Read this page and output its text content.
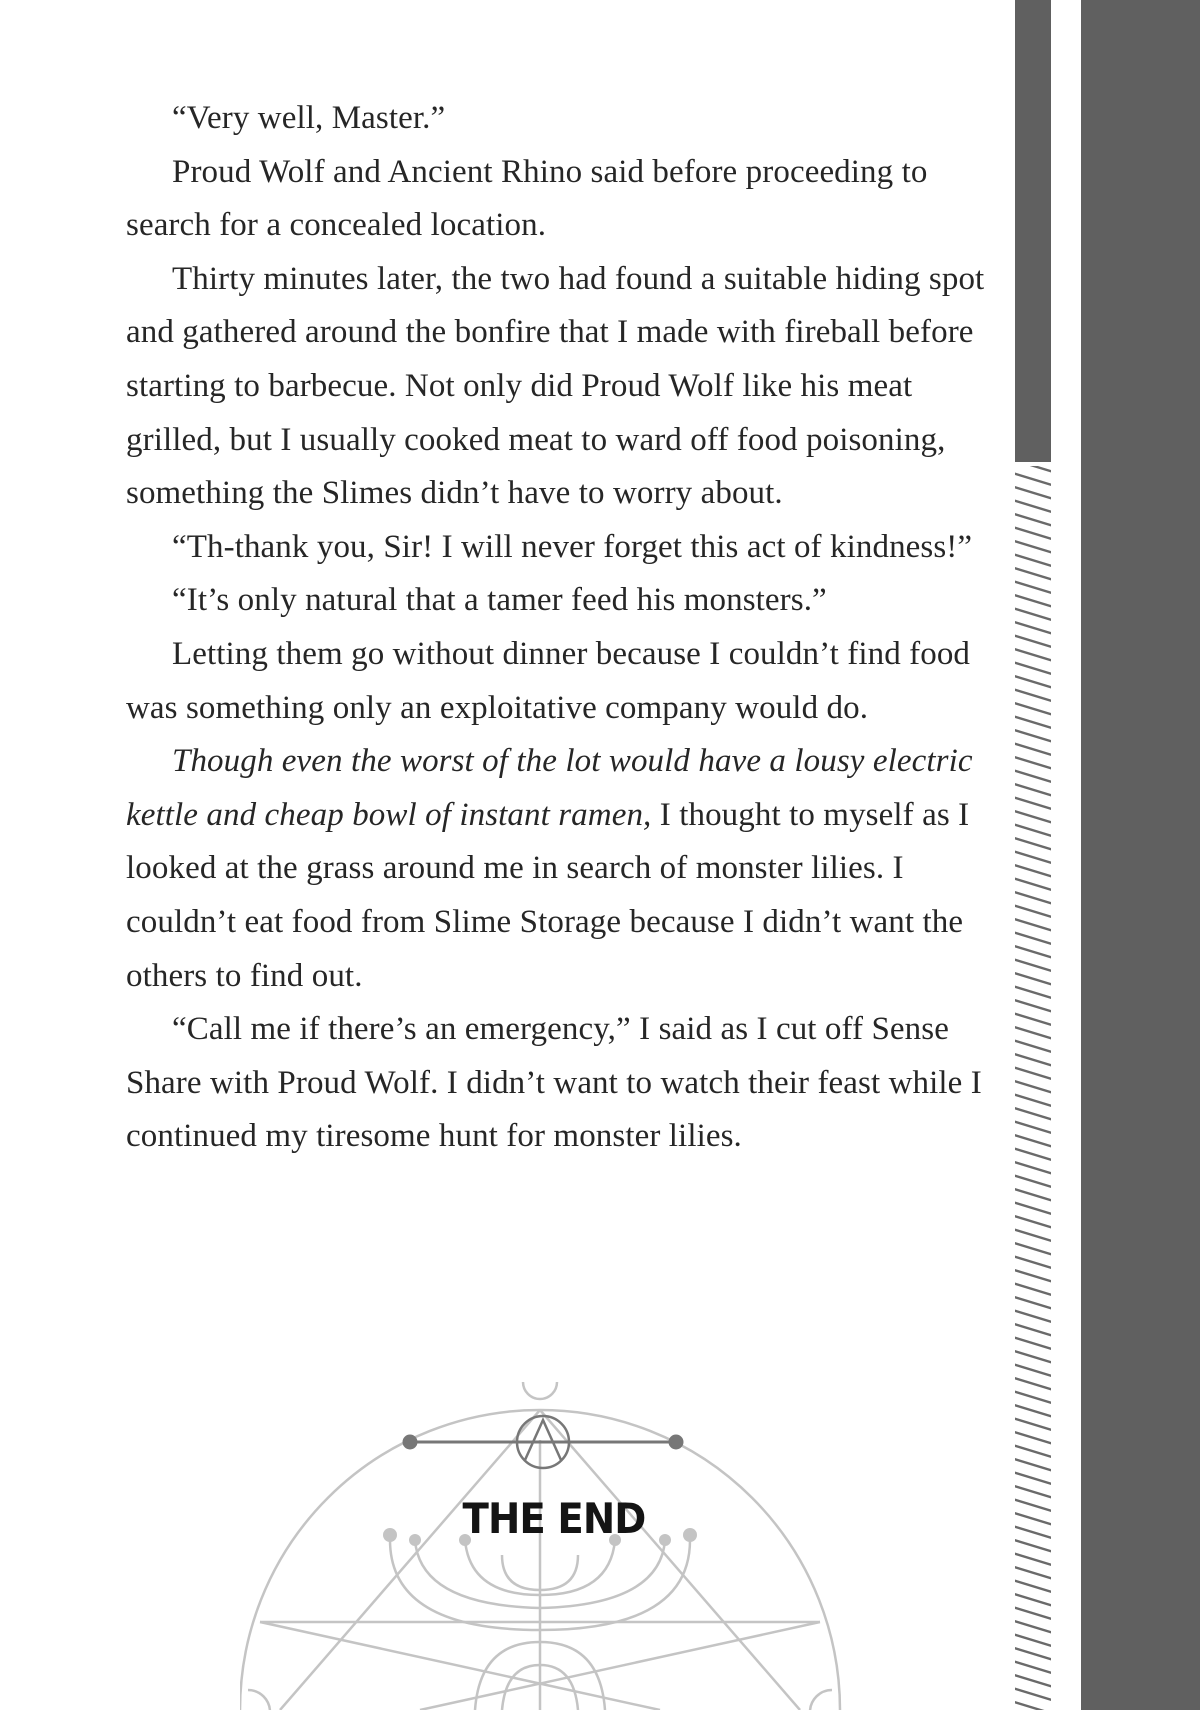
“Very well, Master.”

Proud Wolf and Ancient Rhino said before proceeding to search for a concealed location.

Thirty minutes later, the two had found a suitable hiding spot and gathered around the bonfire that I made with fireball before starting to barbecue. Not only did Proud Wolf like his meat grilled, but I usually cooked meat to ward off food poisoning, something the Slimes didn’t have to worry about.

“Th-thank you, Sir! I will never forget this act of kindness!”

“It’s only natural that a tamer feed his monsters.”

Letting them go without dinner because I couldn’t find food was something only an exploitative company would do.

Though even the worst of the lot would have a lousy electric kettle and cheap bowl of instant ramen, I thought to myself as I looked at the grass around me in search of monster lilies. I couldn’t eat food from Slime Storage because I didn’t want the others to find out.

“Call me if there’s an emergency,” I said as I cut off Sense Share with Proud Wolf. I didn’t want to watch their feast while I continued my tiresome hunt for monster lilies.

THE END
